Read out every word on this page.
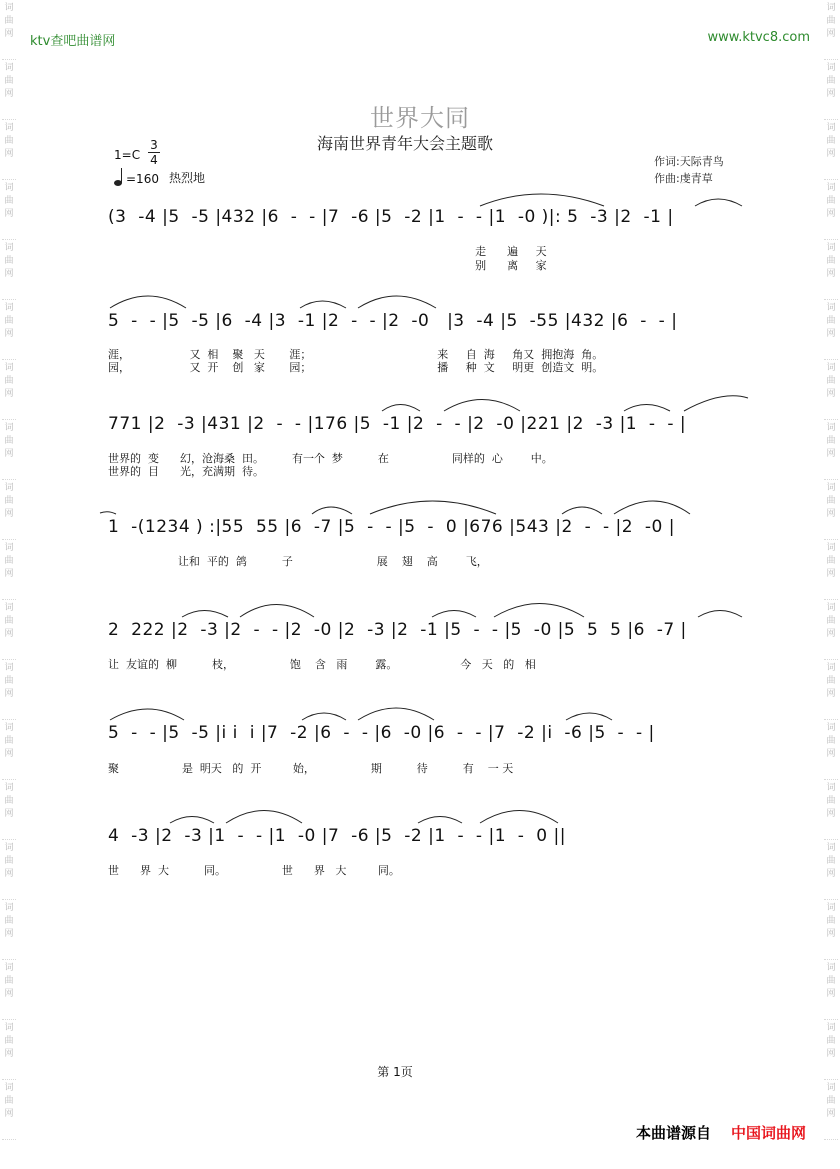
词
曲
网
词
曲
网
词
曲
网
词
曲
网
词
曲
网
词
曲
网
词
曲
网
词
曲
网
词
曲
网
词
曲
网
词
曲
网
词
曲
网
词
曲
网
词
曲
网
词
曲
网
词
曲
网
词
曲
网
词
曲
网
词
曲
网
词
曲
网
词
曲
网
词
曲
网
词
曲
网
词
曲
网
词
曲
网
词
曲
网
词
曲
网
词
曲
网
词
曲
网
词
曲
网
词
曲
网
词
曲
网
词
曲
网
词
曲
网
词
曲
网
词
曲
网
词
曲
网
词
曲
网
ktv查吧曲谱网	www.ktvc8.com
世界大同
海南世界青年大会主题歌
1=C
3
4
=160 热烈地
作词:天际青鸟
作曲:虔青草
(3  -4 |5  -5 |432 |6  -  - |7  -6 |5  -2 |1  -  - |1  -0 )|: 5  -3 |2  -1 |
走      遍     天
别      离     家
5  -  - |5  -5 |6  -4 |3  -1 |2  -  - |2  -0   |3  -4 |5  -55 |432 |6  -  - |
涯，                 又  相    聚   天       涯；                                    来     自  海     角又  拥抱海  角。
园，                 又  开    创   家       园；                                    播     种  文     明更  创造文  明。
771 |2  -3 |431 |2  -  - |176 |5  -1 |2  -  - |2  -0 |221 |2  -3 |1  -  - |
世界的  变      幻，沧海桑  田。        有一个  梦          在                  同样的  心        中。
世界的  目      光，充满期  待。
1  -(1234 ) :|55  55 |6  -7 |5  -  - |5  -  0 |676 |543 |2  -  - |2  -0 |
让和  平的  鸽          子                        展    翅    高        飞，
2  222 |2  -3 |2  -  - |2  -0 |2  -3 |2  -1 |5  -  - |5  -0 |5  5  5 |6  -7 |
让  友谊的  柳          枝，                饱    含   雨        露。                  今   天   的   相
5  -  - |5  -5 |i i  i |7  -2 |6  -  - |6  -0 |6  -  - |7  -2 |i  -6 |5  -  - |
聚                  是  明天   的  开         始，                期          待          有    一 天
4  -3 |2  -3 |1  -  - |1  -0 |7  -6 |5  -2 |1  -  - |1  -  0 ||
世      界  大          同。                世      界   大         同。
第 1页
本曲谱源自 中国词曲网
